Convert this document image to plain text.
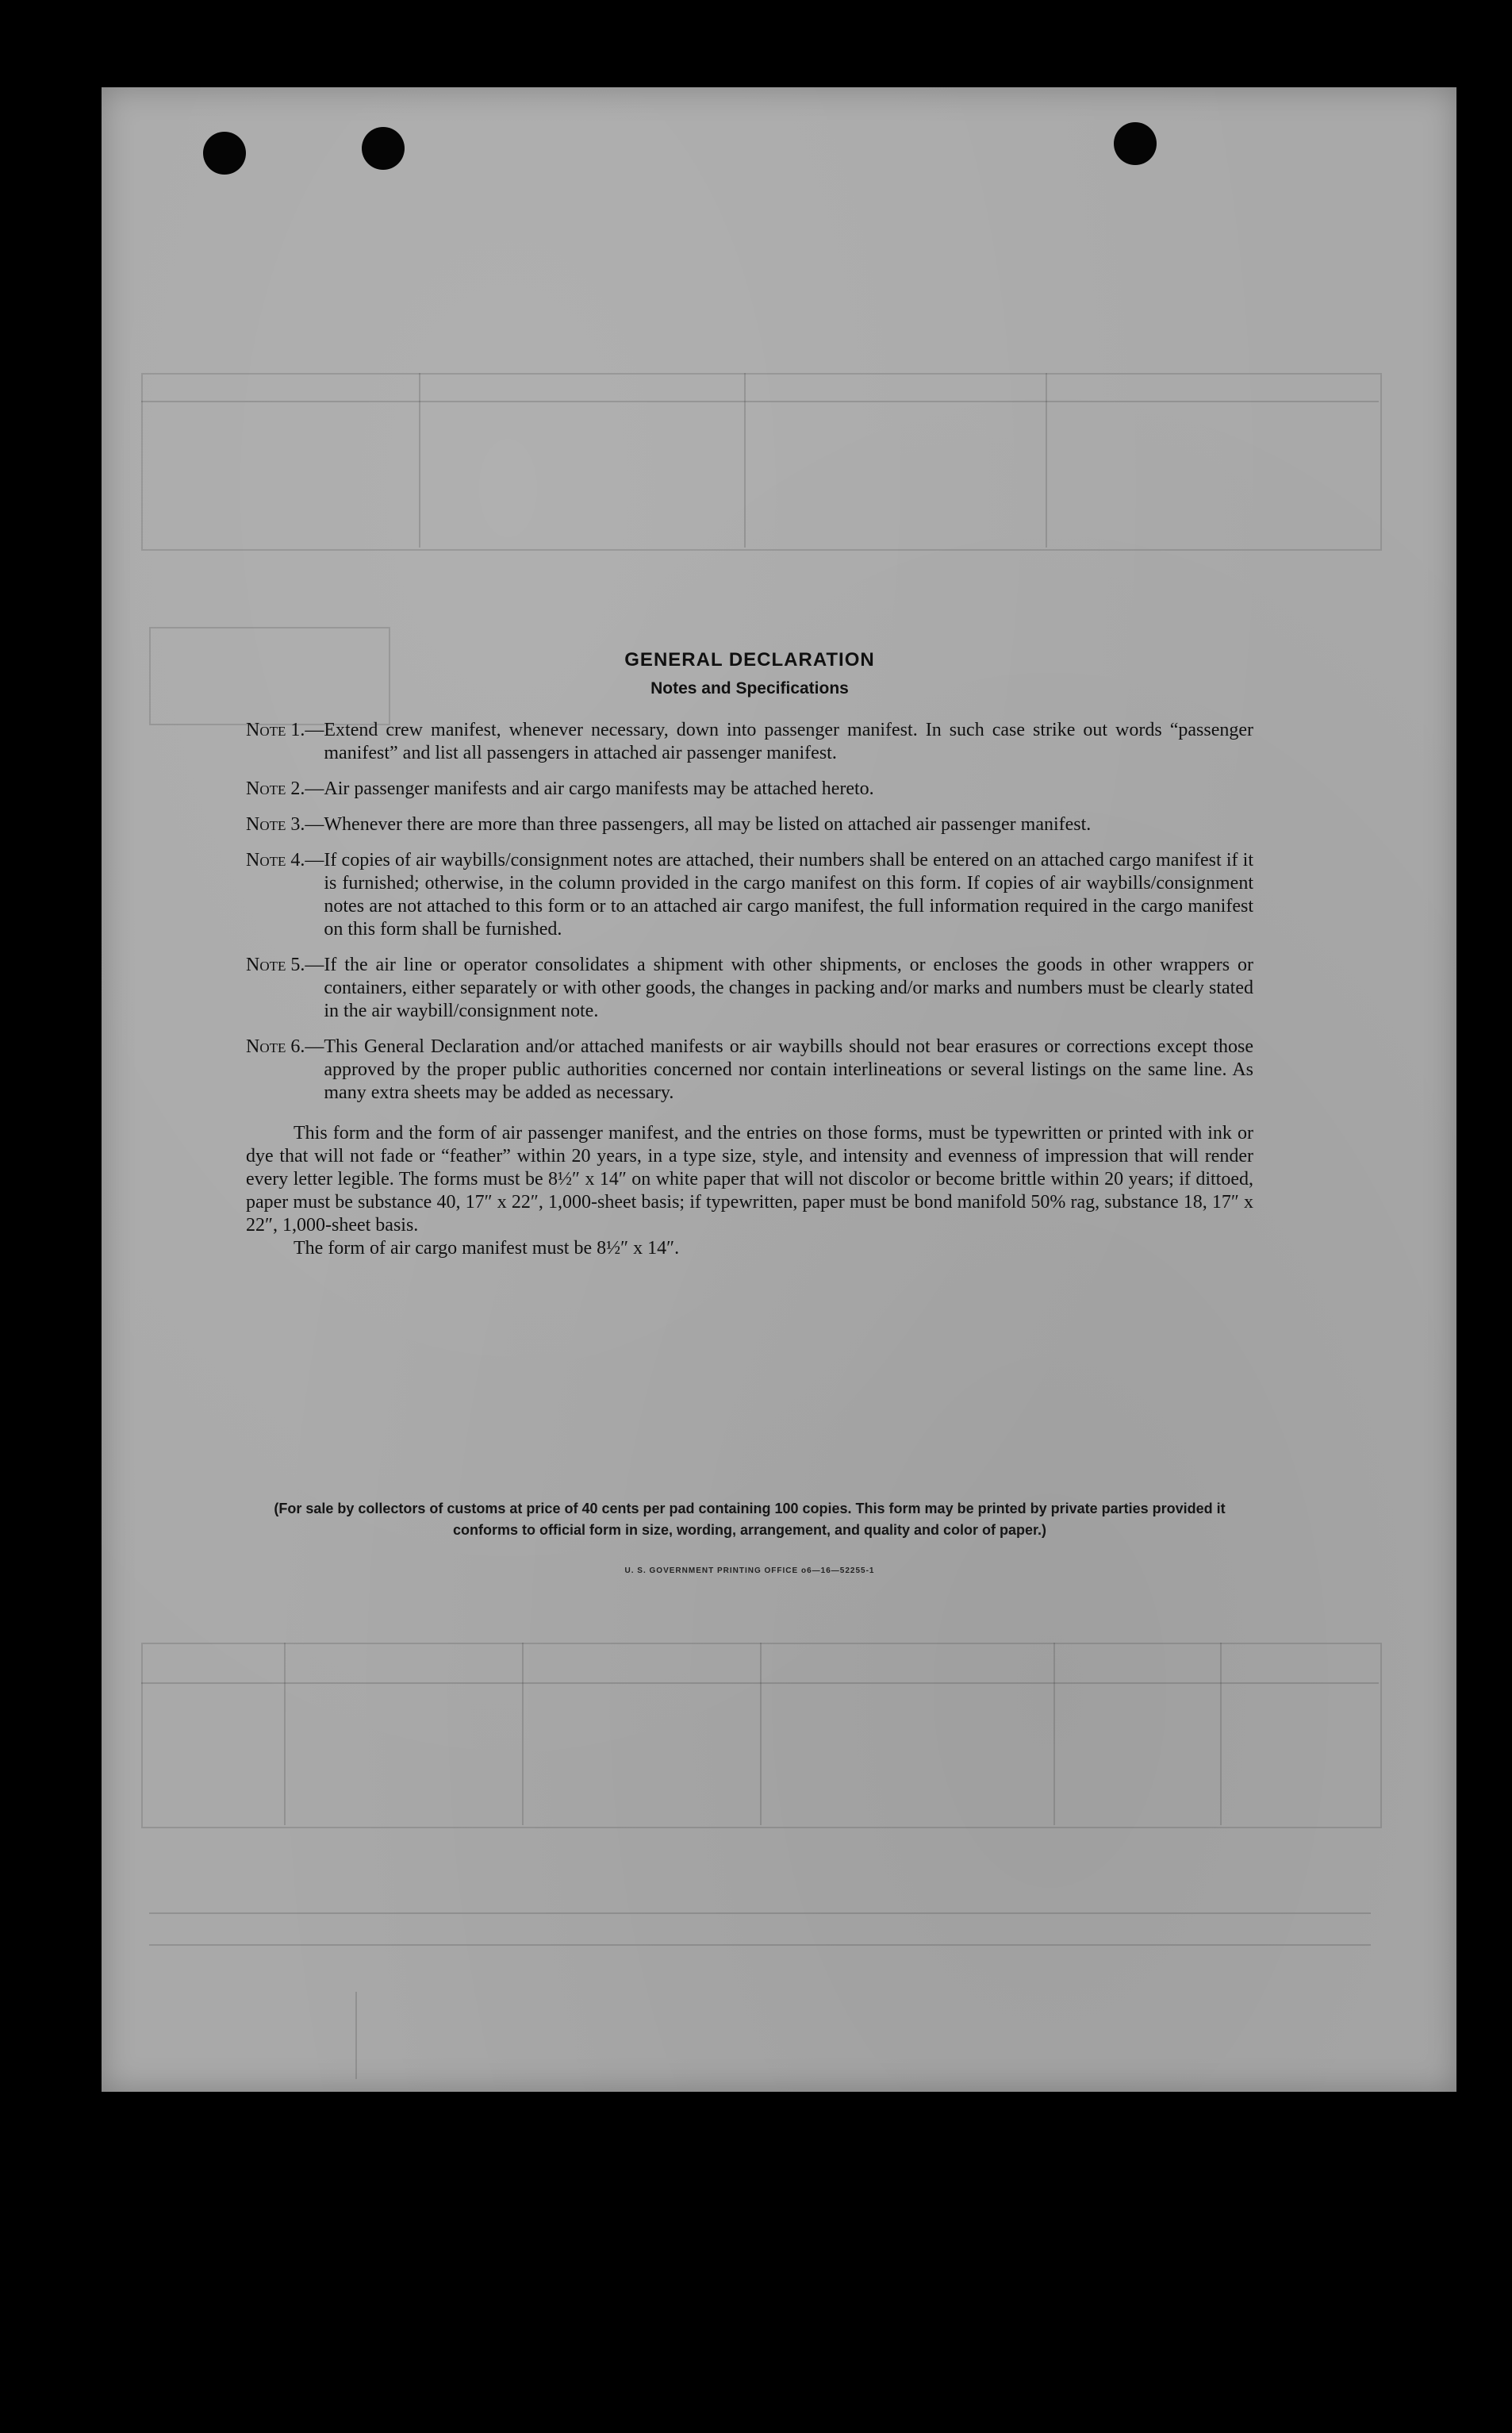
GENERAL DECLARATION
Notes and Specifications
Note 1. — Extend crew manifest, whenever necessary, down into passenger manifest. In such case strike out words “passenger manifest” and list all passengers in attached air passenger manifest.
Note 2. — Air passenger manifests and air cargo manifests may be attached hereto.
Note 3. — Whenever there are more than three passengers, all may be listed on attached air passenger manifest.
Note 4. — If copies of air waybills/consignment notes are attached, their numbers shall be entered on an attached cargo manifest if it is furnished; otherwise, in the column provided in the cargo manifest on this form. If copies of air waybills/consignment notes are not attached to this form or to an attached air cargo manifest, the full information required in the cargo manifest on this form shall be furnished.
Note 5. — If the air line or operator consolidates a shipment with other shipments, or encloses the goods in other wrappers or containers, either separately or with other goods, the changes in packing and/or marks and numbers must be clearly stated in the air waybill/consignment note.
Note 6. — This General Declaration and/or attached manifests or air waybills should not bear erasures or corrections except those approved by the proper public authorities concerned nor contain interlineations or several listings on the same line. As many extra sheets may be added as necessary.

This form and the form of air passenger manifest, and the entries on those forms, must be typewritten or printed with ink or dye that will not fade or “feather” within 20 years, in a type size, style, and intensity and evenness of impression that will render every letter legible. The forms must be 8½″ x 14″ on white paper that will not discolor or become brittle within 20 years; if dittoed, paper must be substance 40, 17″ x 22″, 1,000-sheet basis; if typewritten, paper must be bond manifold 50% rag, substance 18, 17″ x 22″, 1,000-sheet basis.

The form of air cargo manifest must be 8½″ x 14″.

(For sale by collectors of customs at price of 40 cents per pad containing 100 copies. This form may be printed by private parties provided it conforms to official form in size, wording, arrangement, and quality and color of paper.)
U. S. GOVERNMENT PRINTING OFFICE o6—16—52255-1
